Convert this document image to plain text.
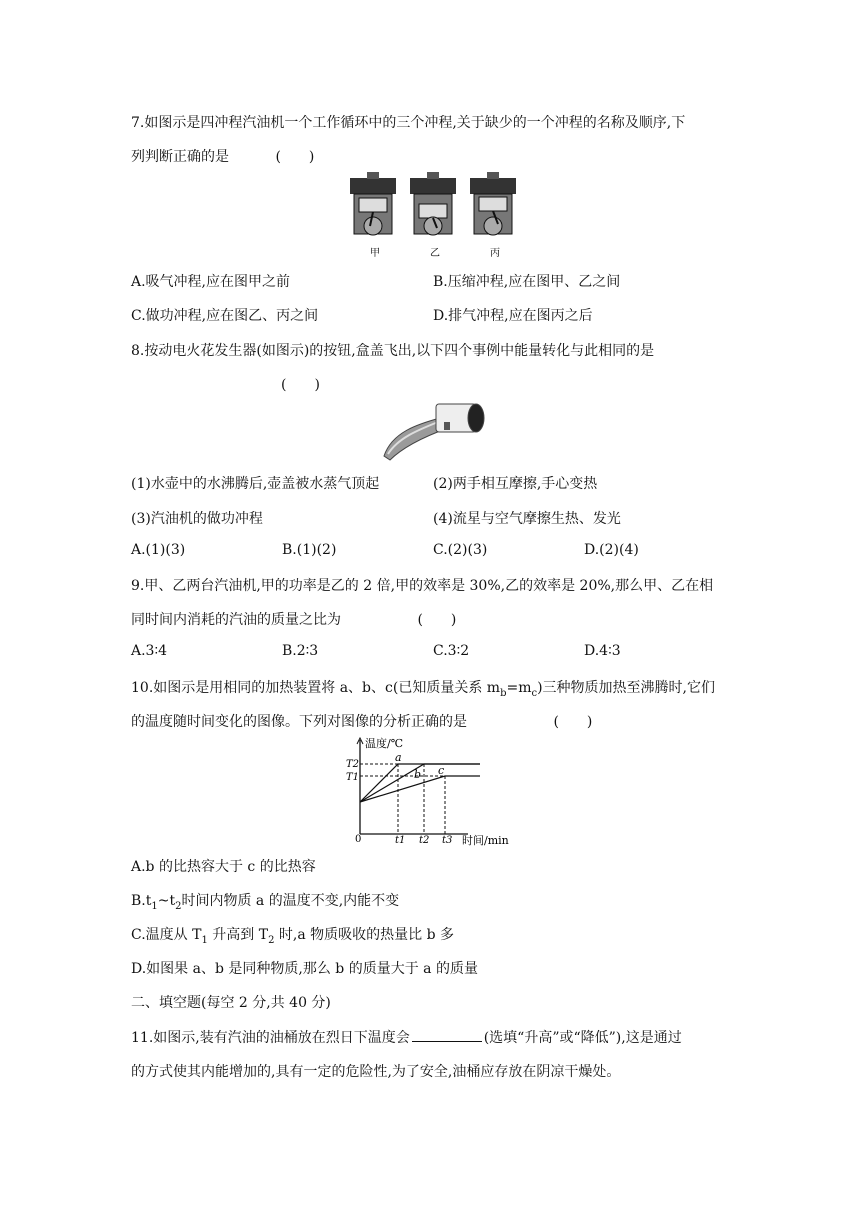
7.如图示是四冲程汽油机一个工作循环中的三个冲程,关于缺少的一个冲程的名称及顺序,下
列判断正确的是	(　　)
甲	乙	丙
A.吸气冲程,应在图甲之前	B.压缩冲程,应在图甲、乙之间
C.做功冲程,应在图乙、丙之间	D.排气冲程,应在图丙之后
8.按动电火花发生器(如图示)的按钮,盒盖飞出,以下四个事例中能量转化与此相同的是
(　　)
(1)水壶中的水沸腾后,壶盖被水蒸气顶起	(2)两手相互摩擦,手心变热
(3)汽油机的做功冲程	(4)流星与空气摩擦生热、发光
A.(1)(3)	B.(1)(2)	C.(2)(3)	D.(2)(4)
9.甲、乙两台汽油机,甲的功率是乙的 2 倍,甲的效率是 30%,乙的效率是 20%,那么甲、乙在相
同时间内消耗的汽油的质量之比为	(　　)
A.3∶4	B.2∶3	C.3∶2	D.4∶3
10.如图示是用相同的加热装置将 a、b、c(已知质量关系 $m_b=m_c$)三种物质加热至沸腾时,它们
的温度随时间变化的图像。下列对图像的分析正确的是	(　　)
温度/℃
时间/min
0
T2
T1
t1 t2 t3
a
b c
A.b 的比热容大于 c 的比热容
$B.t_1\sim t_2$时间内物质 a 的温度不变,内能不变
C.温度从 $T_1$ 升高到 $T_2$ 时,a 物质吸收的热量比 b 多
D.如图果 a、b 是同种物质,那么 b 的质量大于 a 的质量
二、填空题(每空 2 分,共 40 分)
11.如图示,装有汽油的油桶放在烈日下温度会	(选填“升高”或“降低”),这是通过
的方式使其内能增加的,具有一定的危险性,为了安全,油桶应存放在阴凉干燥处。
